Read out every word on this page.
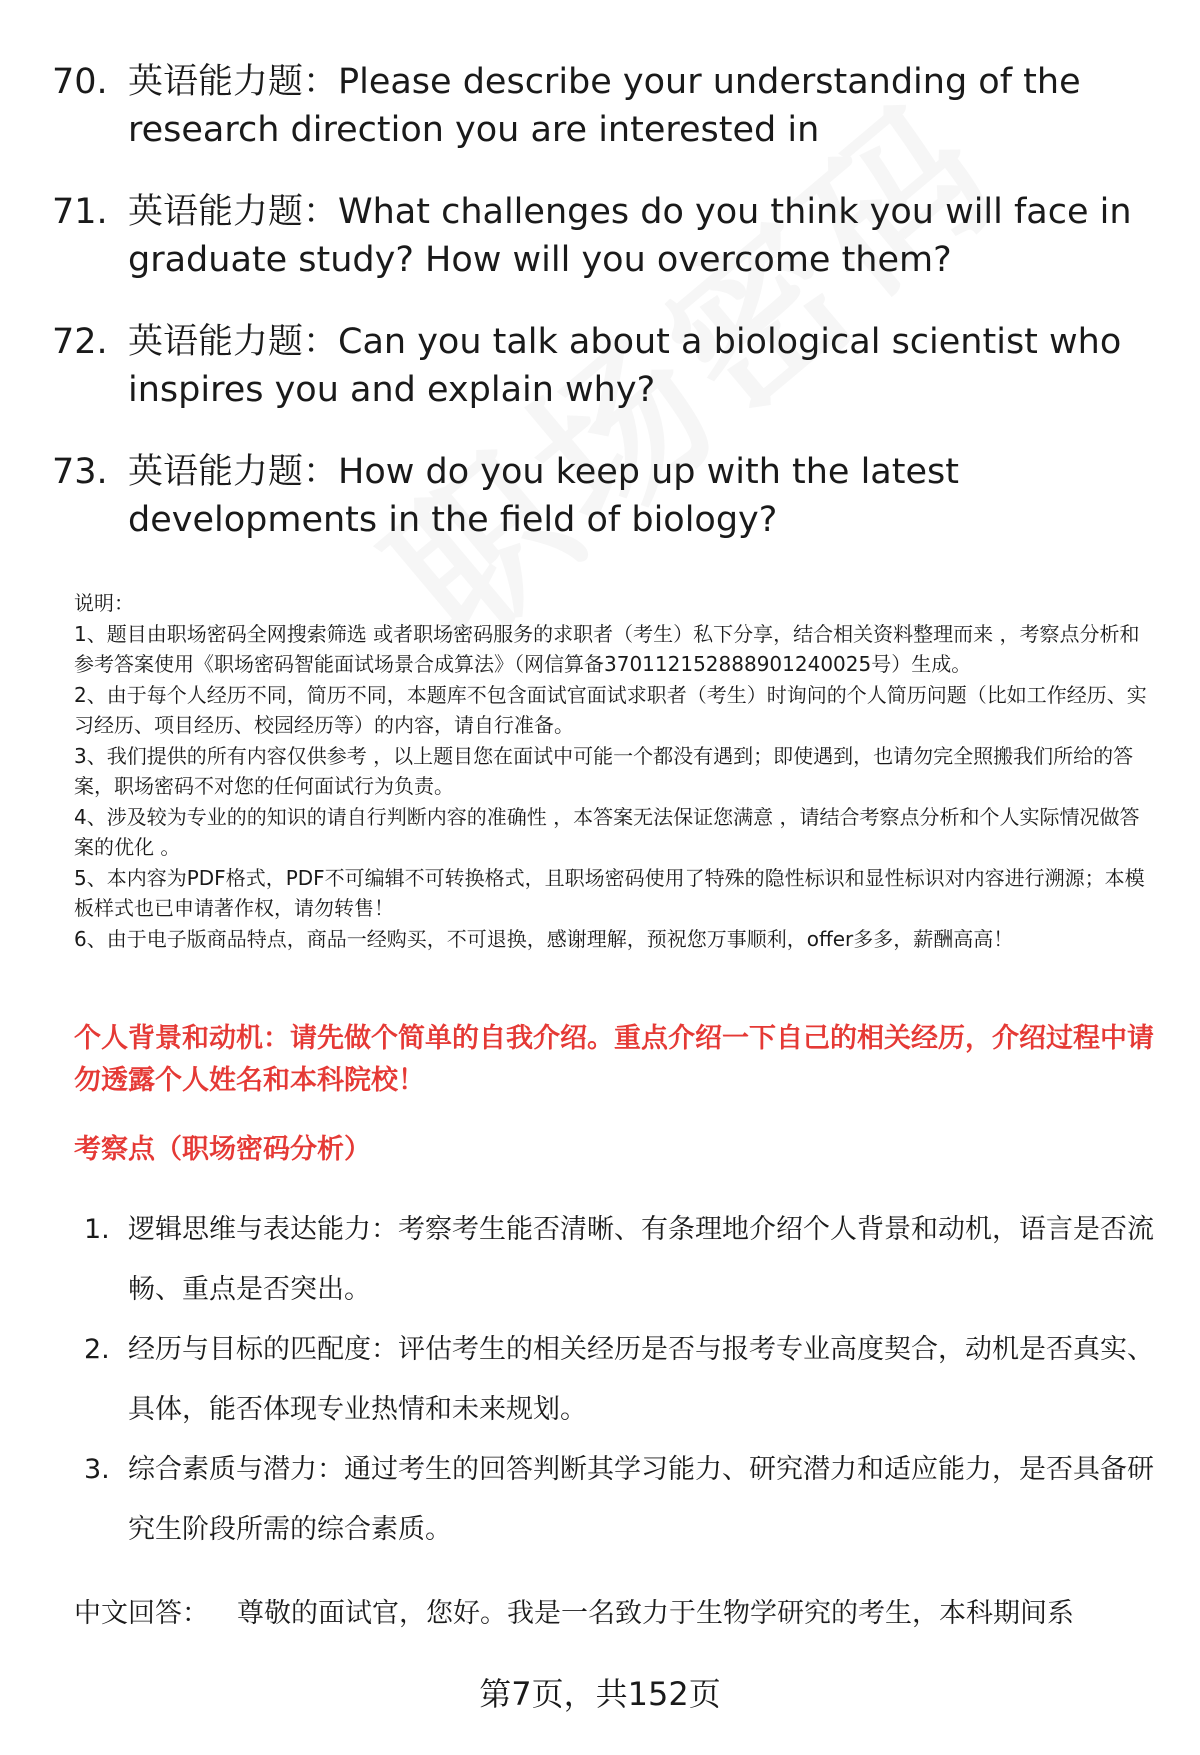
70. 英语能力题：Please describe your understanding of the research direction you are interested in
71. 英语能力题：What challenges do you think you will face in graduate study? How will you overcome them?
72. 英语能力题：Can you talk about a biological scientist who inspires you and explain why?
73. 英语能力题：How do you keep up with the latest developments in the field of biology?

说明：

1、题目由职场密码全网搜索筛选 或者职场密码服务的求职者（考生）私下分享，结合相关资料整理而来 ，考察点分析和参考答案使用《职场密码智能面试场景合成算法》（网信算备370112152888901240025号）生成。

2、由于每个人经历不同，简历不同，本题库不包含面试官面试求职者（考生）时询问的个人简历问题（比如工作经历、实习经历、项目经历、校园经历等）的内容，请自行准备。

3、我们提供的所有内容仅供参考 ，以上题目您在面试中可能一个都没有遇到；即使遇到，也请勿完全照搬我们所给的答案，职场密码不对您的任何面试行为负责。

4、涉及较为专业的的知识的请自行判断内容的准确性 ，本答案无法保证您满意 ，请结合考察点分析和个人实际情况做答案的优化 。

5、本内容为PDF格式，PDF不可编辑不可转换格式，且职场密码使用了特殊的隐性标识和显性标识对内容进行溯源；本模板样式也已申请著作权，请勿转售！

6、由于电子版商品特点，商品一经购买，不可退换，感谢理解，预祝您万事顺利，offer多多，薪酬高高！

个人背景和动机：请先做个简单的自我介绍。重点介绍一下自己的相关经历，介绍过程中请勿透露个人姓名和本科院校！
考察点（职场密码分析）
1. 逻辑思维与表达能力：考察考生能否清晰、有条理地介绍个人背景和动机，语言是否流畅、重点是否突出。
2. 经历与目标的匹配度：评估考生的相关经历是否与报考专业高度契合，动机是否真实、具体，能否体现专业热情和未来规划。
3. 综合素质与潜力：通过考生的回答判断其学习能力、研究潜力和适应能力，是否具备研究生阶段所需的综合素质。
中文回答： 尊敬的面试官，您好。我是一名致力于生物学研究的考生，本科期间系
第7页，共152页
